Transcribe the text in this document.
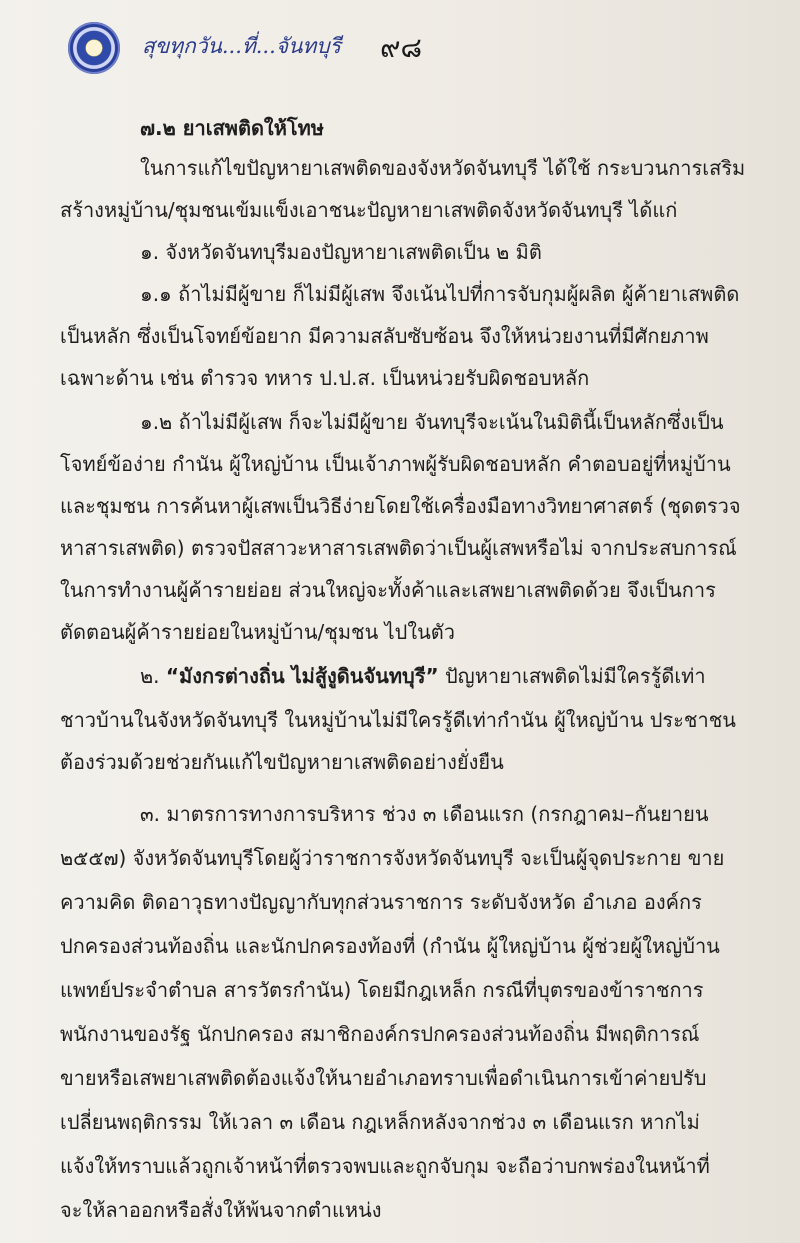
สุขทุกวัน...ที่...จันทบุรี ๙๘
๗.๒ ยาเสพติดให้โทษ
ในการแก้ไขปัญหายาเสพติดของจังหวัดจันทบุรี ได้ใช้ กระบวนการเสริม
สร้างหมู่บ้าน/ชุมชนเข้มแข็งเอาชนะปัญหายาเสพติดจังหวัดจันทบุรี ได้แก่
๑. จังหวัดจันทบุรีมองปัญหายาเสพติดเป็น ๒ มิติ
๑.๑ ถ้าไม่มีผู้ขาย ก็ไม่มีผู้เสพ จึงเน้นไปที่การจับกุมผู้ผลิต ผู้ค้ายาเสพติด
เป็นหลัก ซึ่งเป็นโจทย์ข้อยาก มีความสลับซับซ้อน จึงให้หน่วยงานที่มีศักยภาพ
เฉพาะด้าน เช่น ตำรวจ ทหาร ป.ป.ส. เป็นหน่วยรับผิดชอบหลัก
๑.๒ ถ้าไม่มีผู้เสพ ก็จะไม่มีผู้ขาย จันทบุรีจะเน้นในมิตินี้เป็นหลักซึ่งเป็น
โจทย์ข้อง่าย กำนัน ผู้ใหญ่บ้าน เป็นเจ้าภาพผู้รับผิดชอบหลัก คำตอบอยู่ที่หมู่บ้าน
และชุมชน การค้นหาผู้เสพเป็นวิธีง่ายโดยใช้เครื่องมือทางวิทยาศาสตร์ (ชุดตรวจ
หาสารเสพติด) ตรวจปัสสาวะหาสารเสพติดว่าเป็นผู้เสพหรือไม่ จากประสบการณ์
ในการทำงานผู้ค้ารายย่อย ส่วนใหญ่จะทั้งค้าและเสพยาเสพติดด้วย จึงเป็นการ
ตัดตอนผู้ค้ารายย่อยในหมู่บ้าน/ชุมชน ไปในตัว
๒. “มังกรต่างถิ่น ไม่สู้งูดินจันทบุรี” ปัญหายาเสพติดไม่มีใครรู้ดีเท่า
ชาวบ้านในจังหวัดจันทบุรี ในหมู่บ้านไม่มีใครรู้ดีเท่ากำนัน ผู้ใหญ่บ้าน ประชาชน
ต้องร่วมด้วยช่วยกันแก้ไขปัญหายาเสพติดอย่างยั่งยืน
๓. มาตรการทางการบริหาร ช่วง ๓ เดือนแรก (กรกฎาคม–กันยายน
๒๕๕๗) จังหวัดจันทบุรีโดยผู้ว่าราชการจังหวัดจันทบุรี จะเป็นผู้จุดประกาย ขาย
ความคิด ติดอาวุธทางปัญญากับทุกส่วนราชการ ระดับจังหวัด อำเภอ องค์กร
ปกครองส่วนท้องถิ่น และนักปกครองท้องที่ (กำนัน ผู้ใหญ่บ้าน ผู้ช่วยผู้ใหญ่บ้าน
แพทย์ประจำตำบล สารวัตรกำนัน) โดยมีกฎเหล็ก กรณีที่บุตรของข้าราชการ
พนักงานของรัฐ นักปกครอง สมาชิกองค์กรปกครองส่วนท้องถิ่น มีพฤติการณ์
ขายหรือเสพยาเสพติดต้องแจ้งให้นายอำเภอทราบเพื่อดำเนินการเข้าค่ายปรับ
เปลี่ยนพฤติกรรม ให้เวลา ๓ เดือน กฎเหล็กหลังจากช่วง ๓ เดือนแรก หากไม่
แจ้งให้ทราบแล้วถูกเจ้าหน้าที่ตรวจพบและถูกจับกุม จะถือว่าบกพร่องในหน้าที่
จะให้ลาออกหรือสั่งให้พ้นจากตำแหน่ง
